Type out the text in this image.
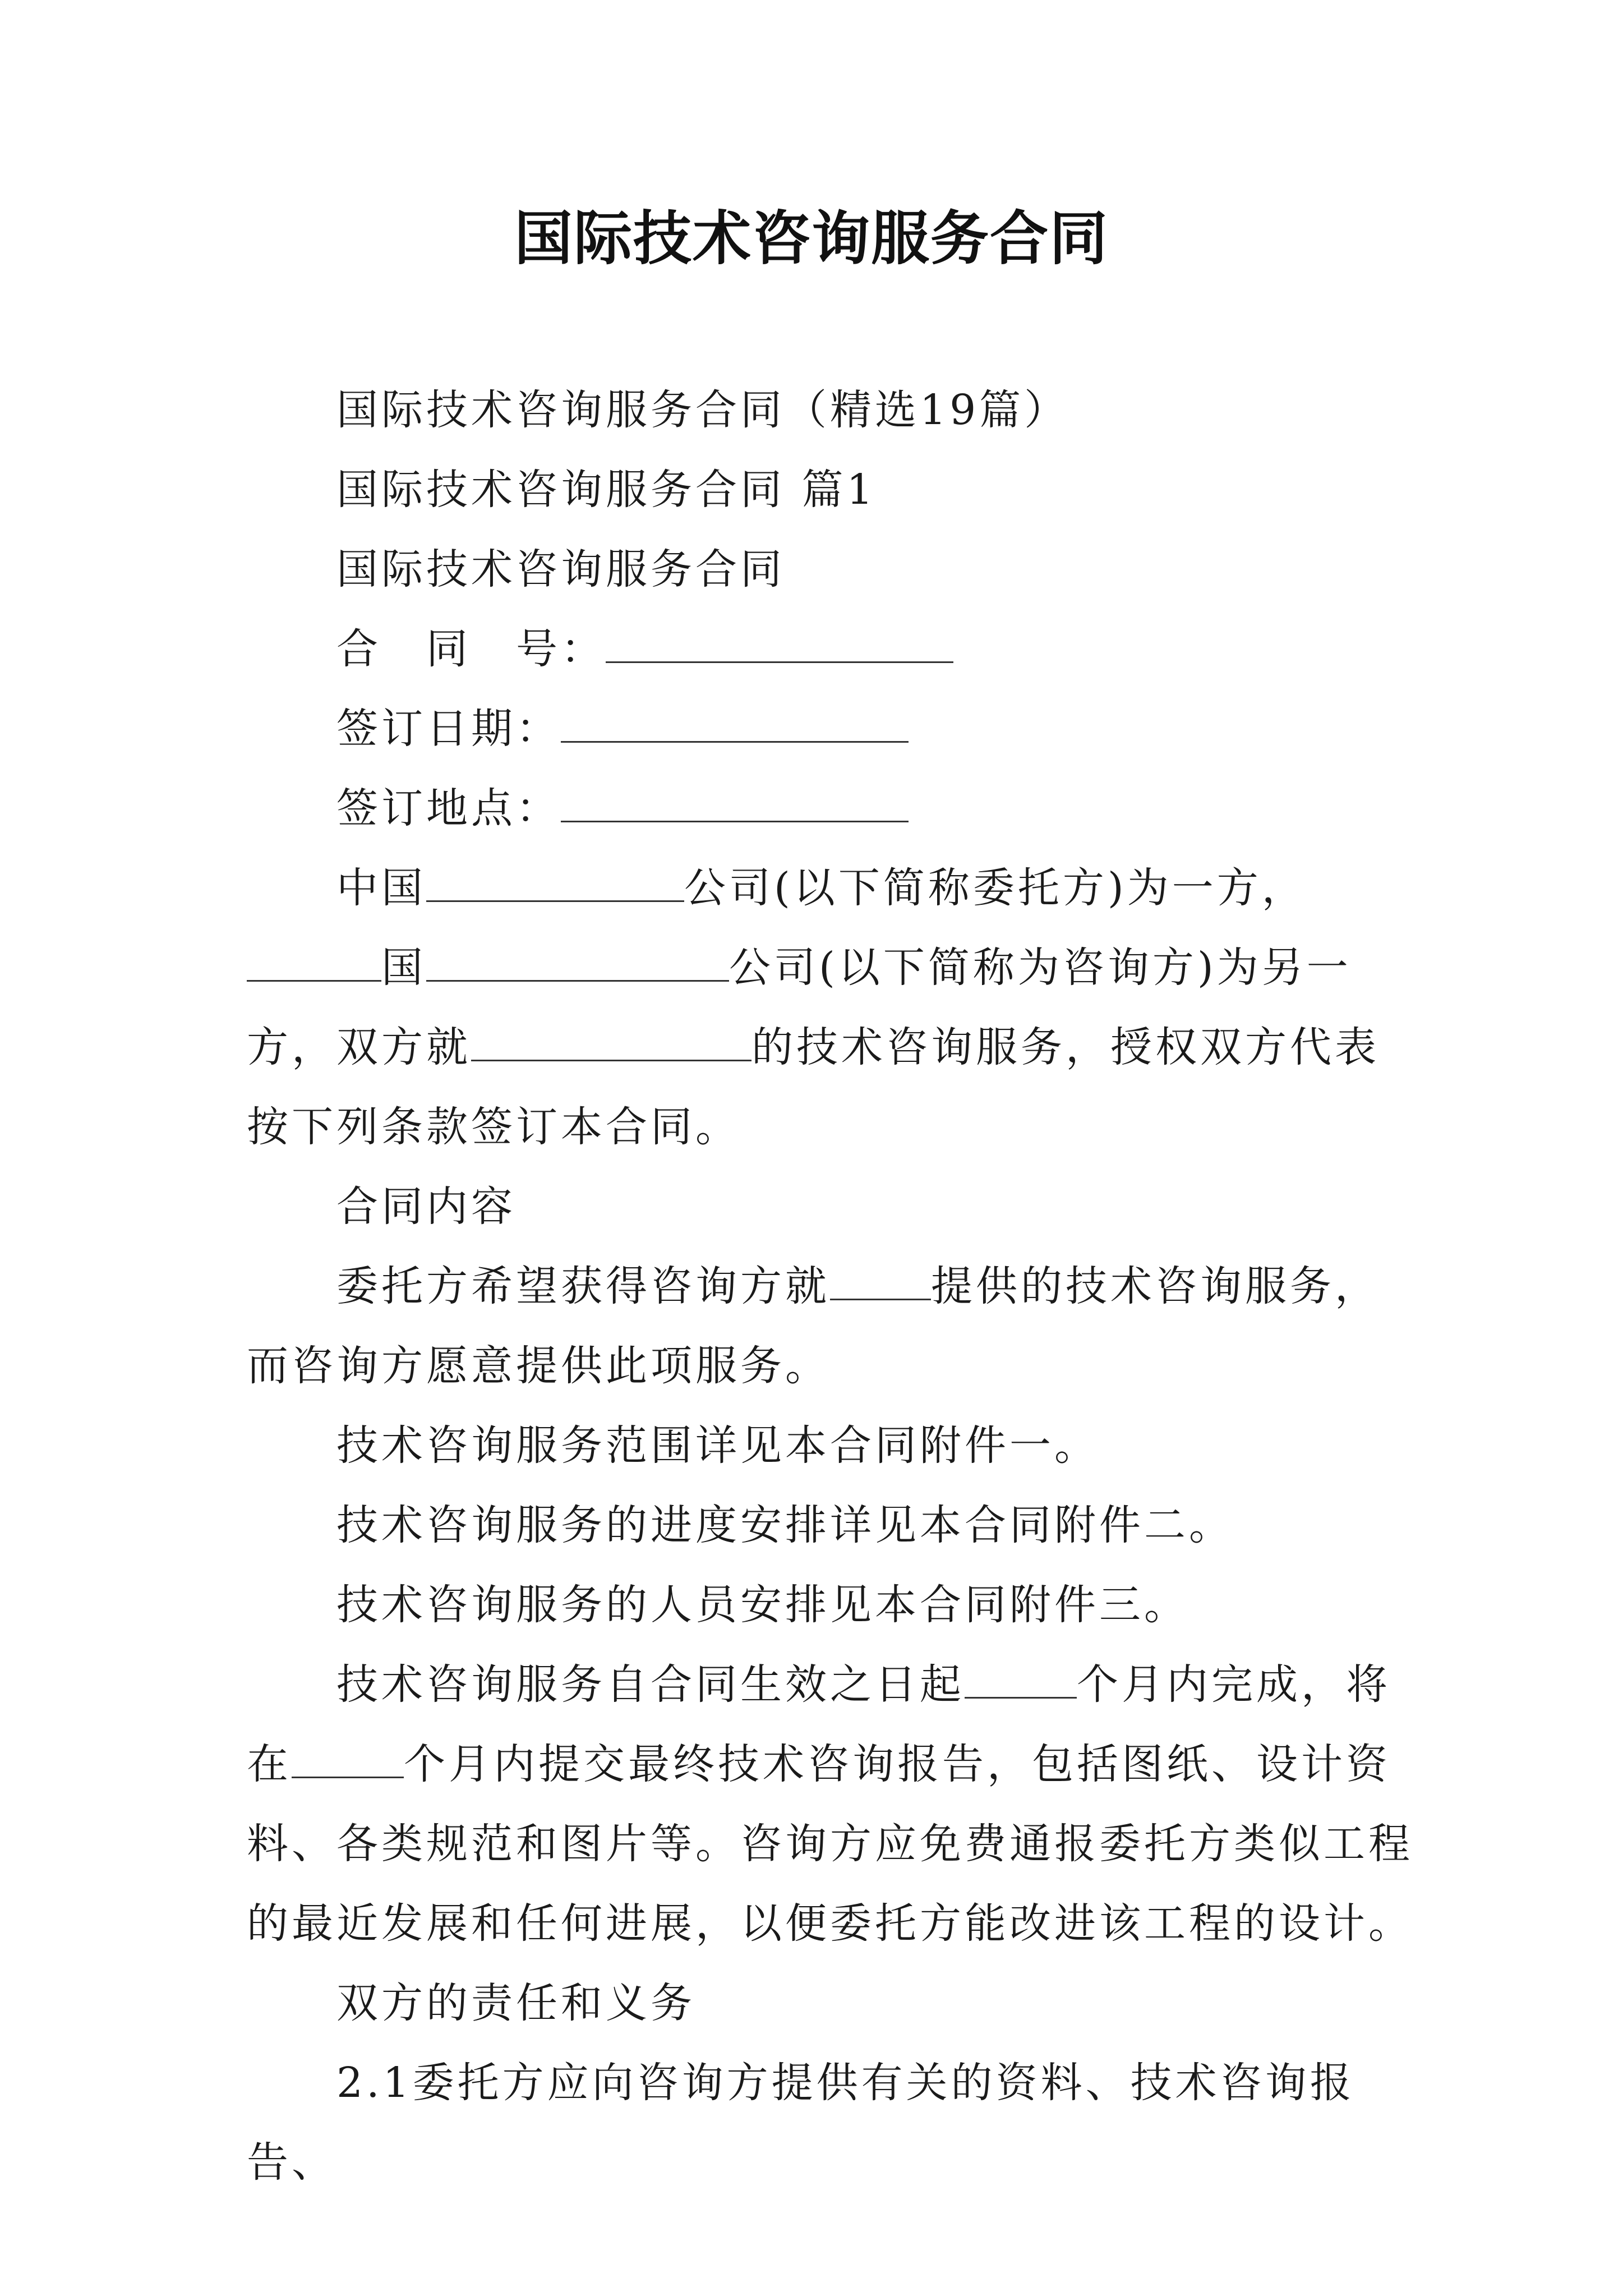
国际技术咨询服务合同

国际技术咨询服务合同（精选19篇）

国际技术咨询服务合同 篇1

国际技术咨询服务合同

合　同　号：

签订日期：

签订地点：

中国	公司(以下简称委托方)为一方，国	公司(以下简称为咨询方)为另一方，双方就	的技术咨询服务，授权双方代表按下列条款签订本合同。

合同内容

委托方希望获得咨询方就 提供的技术咨询服务，而咨询方愿意提供此项服务。

技术咨询服务范围详见本合同附件一。

技术咨询服务的进度安排详见本合同附件二。

技术咨询服务的人员安排见本合同附件三。

技术咨询服务自合同生效之日起	个月内完成，将在	个月内提交最终技术咨询报告，包括图纸、设计资料、各类规范和图片等。咨询方应免费通报委托方类似工程的最近发展和任何进展，以便委托方能改进该工程的设计。

双方的责任和义务

2.1委托方应向咨询方提供有关的资料、技术咨询报告、
